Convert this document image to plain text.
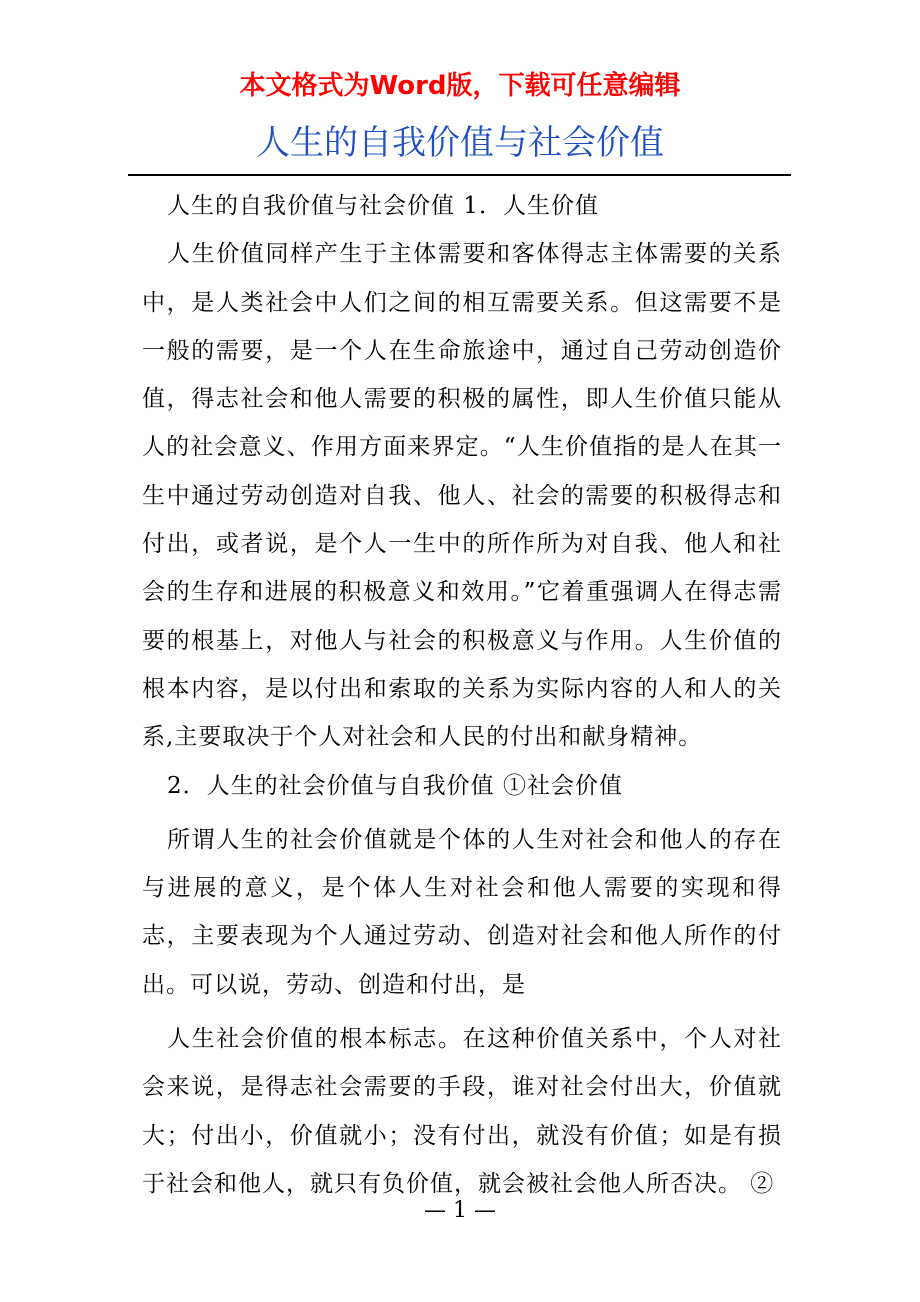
本文格式为Word版，下载可任意编辑
人生的自我价值与社会价值

人生的自我价值与社会价值 1．人生价值

人生价值同样产生于主体需要和客体得志主体需要的关系中，是人类社会中人们之间的相互需要关系。但这需要不是一般的需要，是一个人在生命旅途中，通过自己劳动创造价值，得志社会和他人需要的积极的属性，即人生价值只能从人的社会意义、作用方面来界定。“人生价值指的是人在其一生中通过劳动创造对自我、他人、社会的需要的积极得志和付出，或者说，是个人一生中的所作所为对自我、他人和社会的生存和进展的积极意义和效用。”它着重强调人在得志需要的根基上，对他人与社会的积极意义与作用。人生价值的根本内容，是以付出和索取的关系为实际内容的人和人的关系,主要取决于个人对社会和人民的付出和献身精神。

2．人生的社会价值与自我价值 ①社会价值

所谓人生的社会价值就是个体的人生对社会和他人的存在与进展的意义，是个体人生对社会和他人需要的实现和得志，主要表现为个人通过劳动、创造对社会和他人所作的付出。可以说，劳动、创造和付出，是

人生社会价值的根本标志。在这种价值关系中，个人对社会来说，是得志社会需要的手段，谁对社会付出大，价值就大；付出小，价值就小；没有付出，就没有价值；如是有损于社会和他人，就只有负价值，就会被社会他人所否决。 ②

— 1 —
